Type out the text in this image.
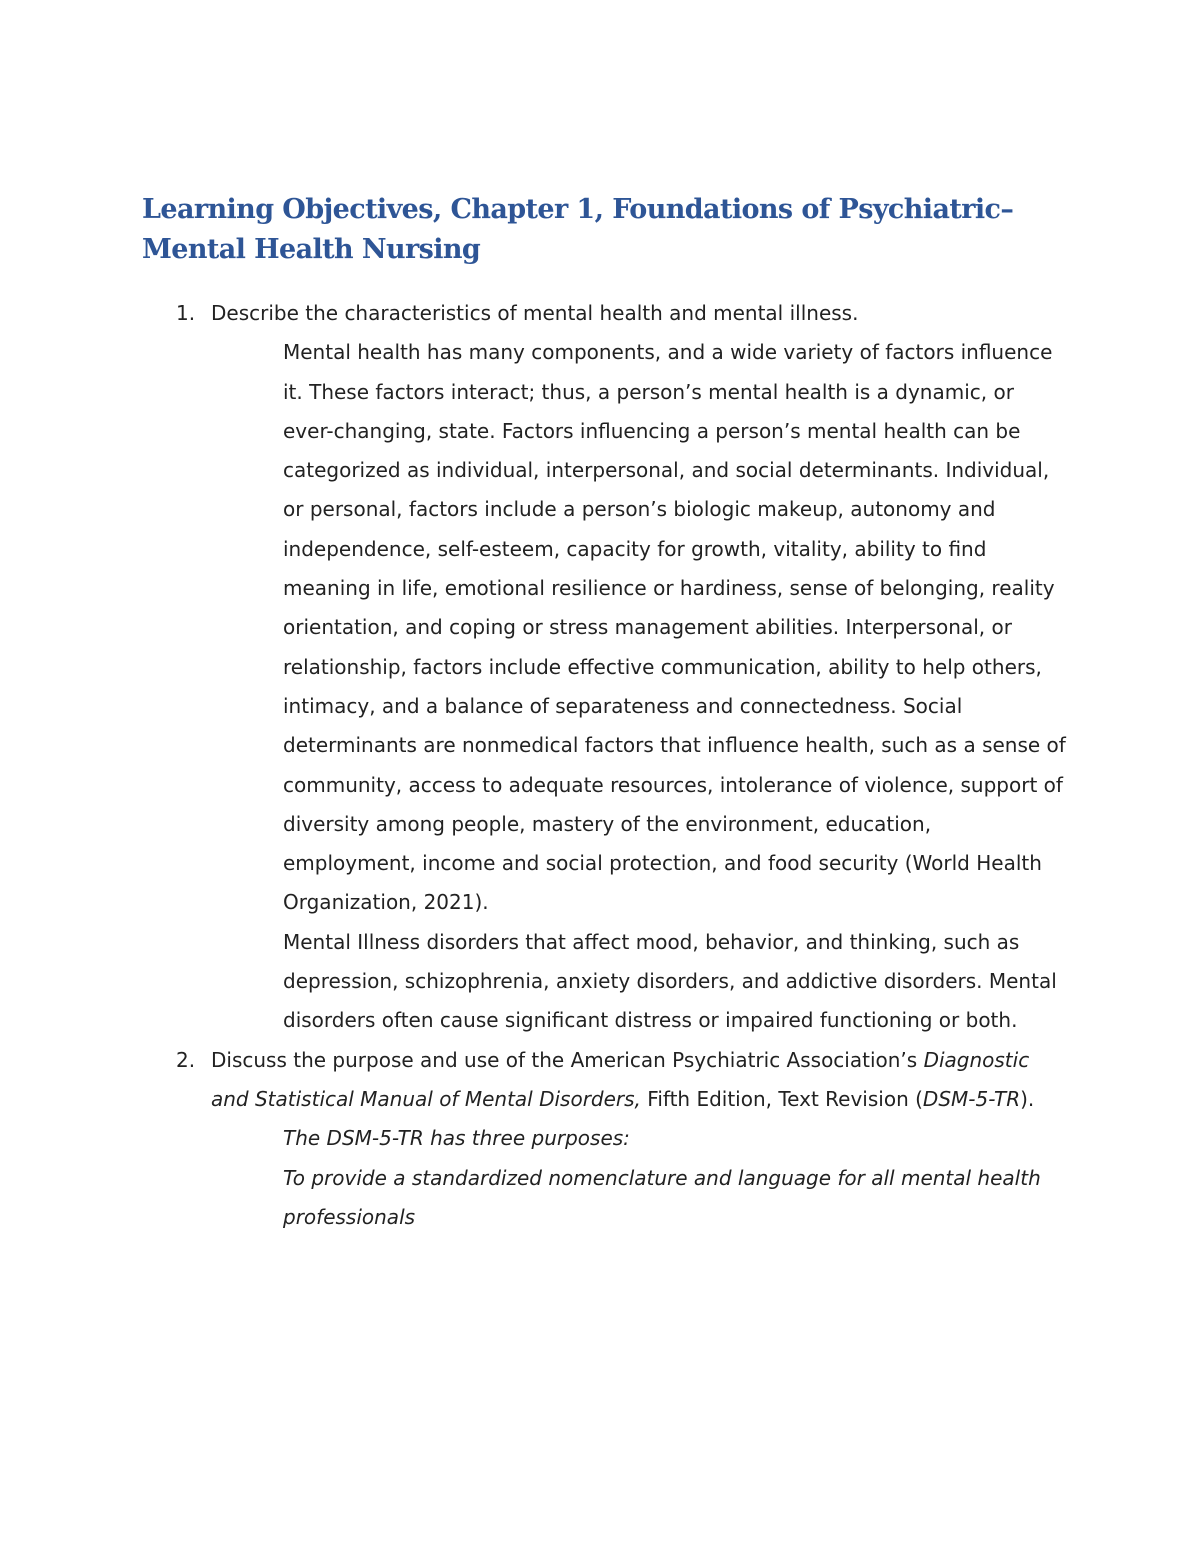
Learning Objectives, Chapter 1, Foundations of Psychiatric–Mental Health Nursing
1. Describe the characteristics of mental health and mental illness.
Mental health has many components, and a wide variety of factors influence it. These factors interact; thus, a person’s mental health is a dynamic, or ever-changing, state. Factors influencing a person’s mental health can be categorized as individual, interpersonal, and social determinants. Individual, or personal, factors include a person’s biologic makeup, autonomy and independence, self-esteem, capacity for growth, vitality, ability to find meaning in life, emotional resilience or hardiness, sense of belonging, reality orientation, and coping or stress management abilities. Interpersonal, or relationship, factors include effective communication, ability to help others, intimacy, and a balance of separateness and connectedness. Social determinants are nonmedical factors that influence health, such as a sense of community, access to adequate resources, intolerance of violence, support of diversity among people, mastery of the environment, education, employment, income and social protection, and food security (World Health Organization, 2021).
Mental Illness disorders that affect mood, behavior, and thinking, such as depression, schizophrenia, anxiety disorders, and addictive disorders. Mental disorders often cause significant distress or impaired functioning or both.
2. Discuss the purpose and use of the American Psychiatric Association’s Diagnostic and Statistical Manual of Mental Disorders, Fifth Edition, Text Revision (DSM-5-TR).
The DSM-5-TR has three purposes:
To provide a standardized nomenclature and language for all mental health professionals
